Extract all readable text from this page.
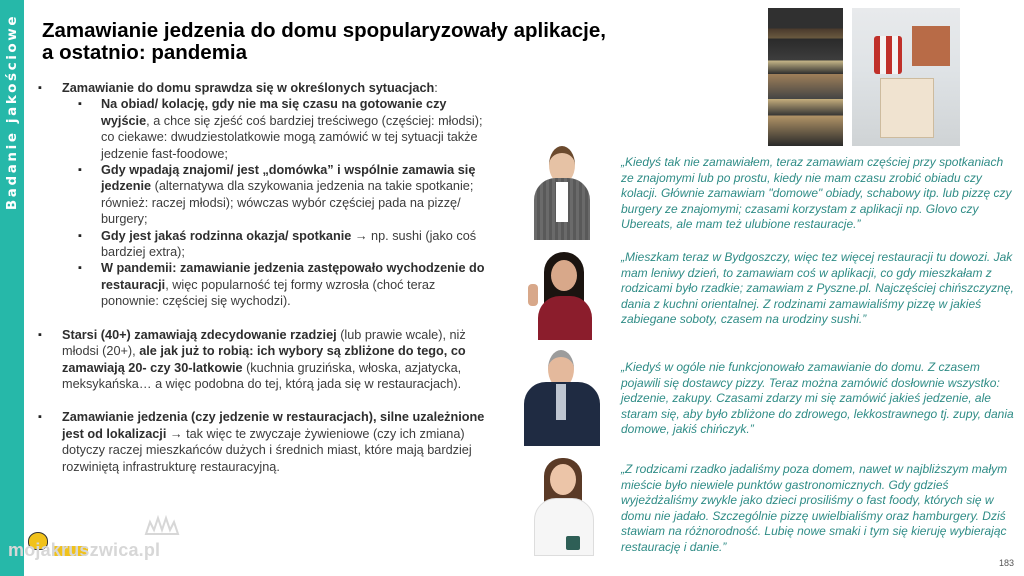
Badanie jakościowe Zamawianie jedzenia do domu spopularyzowały aplikacje,
a ostatnio: pandemia
▪ Zamawianie do domu sprawdza się w określonych sytuacjach:
▪ Na obiad/ kolację, gdy nie ma się czasu na gotowanie czy wyjście, a chce się zjeść coś bardziej treściwego (częściej: młodsi); co ciekawe: dwudziestolatkowie mogą zamówić w tej sytuacji także jedzenie fast-foodowe;
▪ Gdy wpadają znajomi/ jest „domówka” i wspólnie zamawia się jedzenie (alternatywa dla szykowania jedzenia na takie spotkanie; również: raczej młodsi); wówczas wybór częściej pada na pizzę/ burgery;
▪ Gdy jest jakaś rodzinna okazja/ spotkanie → np. sushi (jako coś bardziej extra);
▪ W pandemii: zamawianie jedzenia zastępowało wychodzenie do restauracji, więc popularność tej formy wzrosła (choć teraz ponownie: częściej się wychodzi).
▪ Starsi (40+) zamawiają zdecydowanie rzadziej (lub prawie wcale), niż młodsi (20+), ale jak już to robią: ich wybory są zbliżone do tego, co zamawiają 20- czy 30-latkowie (kuchnia gruzińska, włoska, azjatycka, meksykańska… a więc podobna do tej, którą jada się w restauracjach).
▪ Zamawianie jedzenia (czy jedzenie w restauracjach), silne uzależnione jest od lokalizacji → tak więc te zwyczaje żywieniowe (czy ich zmiana) dotyczy raczej mieszkańców dużych i średnich miast, które mają bardziej rozwiniętą infrastrukturę restauracyjną.
„Kiedyś tak nie zamawiałem, teraz zamawiam częściej przy spotkaniach ze znajomymi lub po prostu, kiedy nie mam czasu zrobić obiadu czy kolacji. Głównie zamawiam "domowe" obiady, schabowy itp. lub pizzę czy burgery ze znajomymi; czasami korzystam z aplikacji np. Glovo czy Ubereats, ale mam też ulubione restauracje.”
„Mieszkam teraz w Bydgoszczy, więc tez więcej restauracji tu dowozi. Jak mam leniwy dzień, to zamawiam coś w aplikacji, co gdy mieszkałam z rodzicami było rzadkie; zamawiam z Pyszne.pl. Najczęściej chińszczyznę, dania z kuchni orientalnej. Z rodzinami zamawialiśmy pizzę w jakieś zabiegane soboty, czasem na urodziny sushi.”
„Kiedyś w ogóle nie funkcjonowało zamawianie do domu. Z czasem pojawili się dostawcy pizzy. Teraz można zamówić dosłownie wszystko: jedzenie, zakupy. Czasami zdarzy mi się zamówić jakieś jedzenie, ale staram się, aby było zbliżone do zdrowego, lekkostrawnego tj. zupy, dania domowe, jakiś chińczyk.”
„Z rodzicami rzadko jadaliśmy poza domem, nawet w najbliższym małym mieście było niewiele punktów gastronomicznych. Gdy gdzieś wyjeżdżaliśmy zwykle jako dzieci prosiliśmy o fast foody, których się w domu nie jadało. Szczególnie pizzę uwielbialiśmy oraz hamburgery. Dziś stawiam na różnorodność. Lubię nowe smaki i tym się kieruję wybierając restaurację i danie.”
mojakruszwica.pl
183
